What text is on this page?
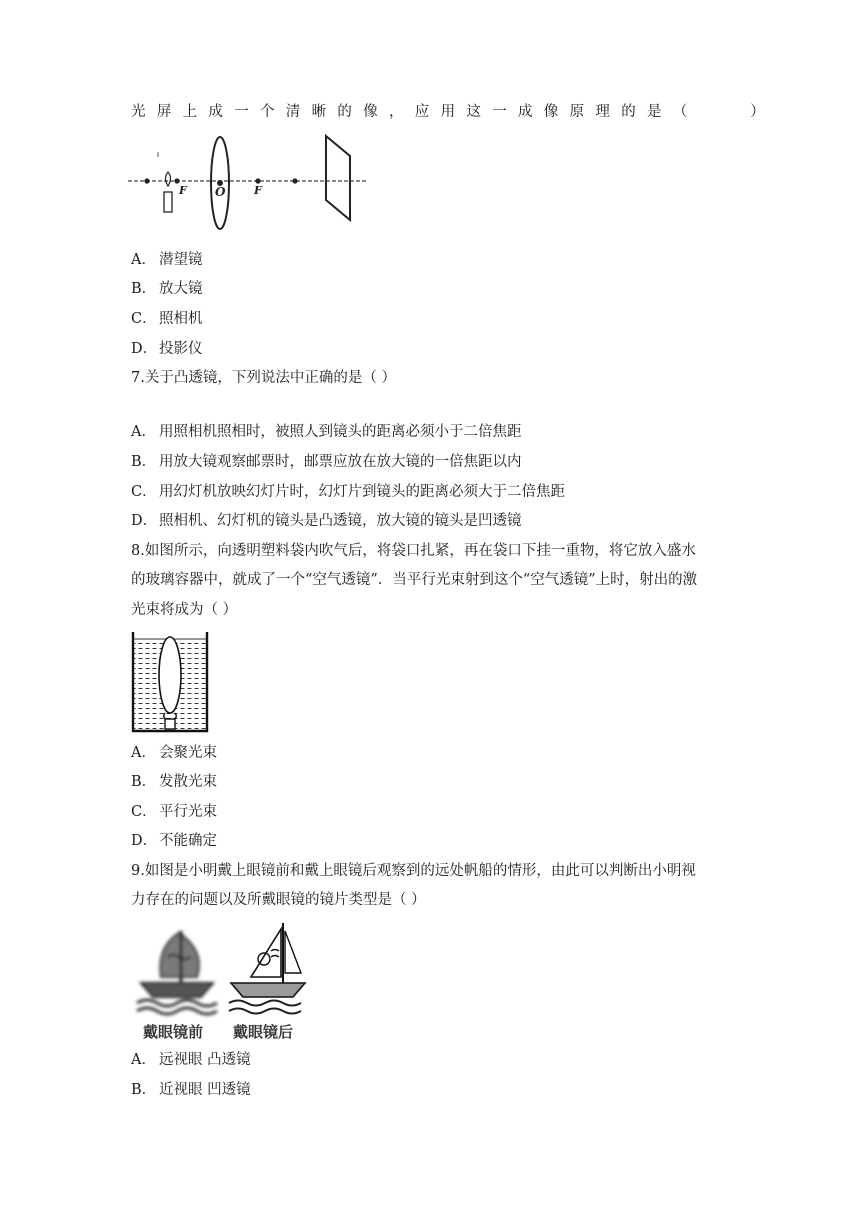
光屏上成一个清晰的像，应用这一成像原理的是（　　）
F O	F
A． 潜望镜
B． 放大镜
C． 照相机
D． 投影仪
7.关于凸透镜，下列说法中正确的是（ ）
A． 用照相机照相时，被照人到镜头的距离必须小于二倍焦距
B． 用放大镜观察邮票时，邮票应放在放大镜的一倍焦距以内
C． 用幻灯机放映幻灯片时，幻灯片到镜头的距离必须大于二倍焦距
D． 照相机、幻灯机的镜头是凸透镜，放大镜的镜头是凹透镜
8.如图所示，向透明塑料袋内吹气后，将袋口扎紧，再在袋口下挂一重物，将它放入盛水
的玻璃容器中，就成了一个“空气透镜”．当平行光束射到这个“空气透镜”上时，射出的激
光束将成为（ ）
A． 会聚光束
B． 发散光束
C． 平行光束
D． 不能确定
9.如图是小明戴上眼镜前和戴上眼镜后观察到的远处帆船的情形，由此可以判断出小明视
力存在的问题以及所戴眼镜的镜片类型是（ ）
戴眼镜前 戴眼镜后
A． 远视眼 凸透镜
B． 近视眼 凹透镜
